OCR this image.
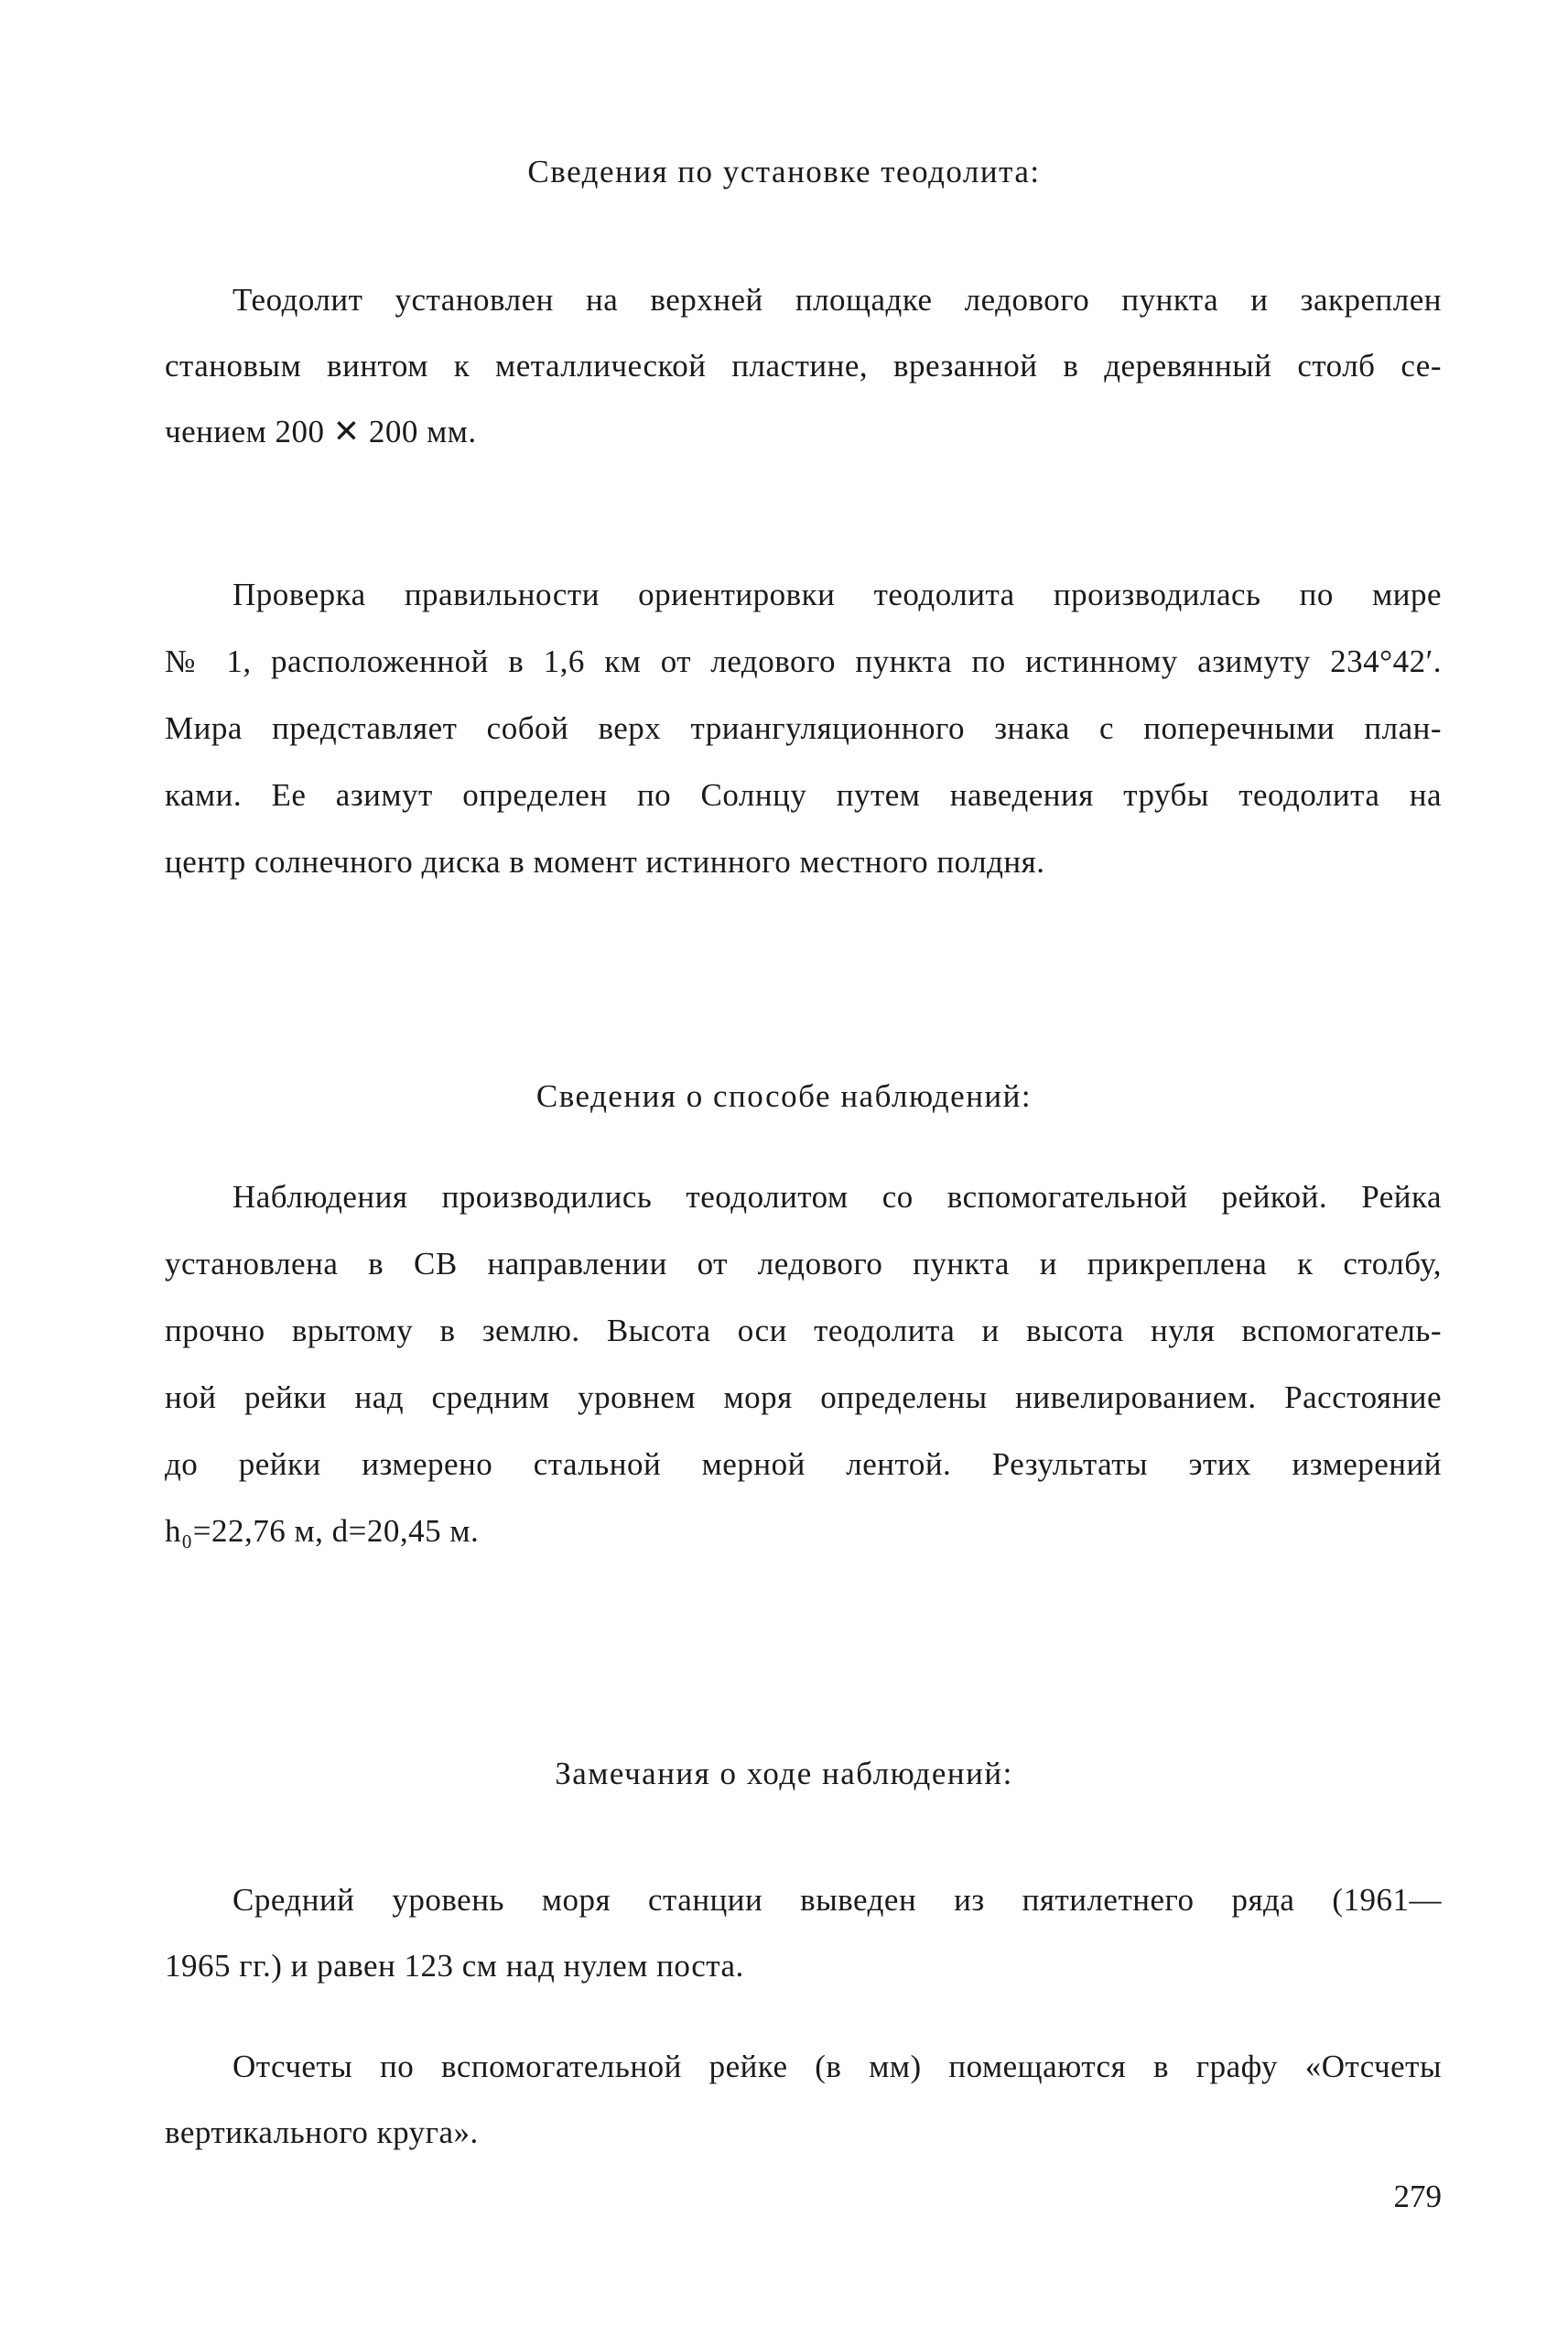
Сведения по установке теодолита:
Теодолит установлен на верхней площадке ледового пункта и закреплен
становым винтом к металлической пластине, врезанной в деревянный столб се-
чением 200 ✕ 200 мм.
Проверка правильности ориентировки теодолита производилась по мире
№ 1, расположенной в 1,6 км от ледового пункта по истинному азимуту 234°42′.
Мира представляет собой верх триангуляционного знака с поперечными план-
ками. Ее азимут определен по Солнцу путем наведения трубы теодолита на
центр солнечного диска в момент истинного местного полдня.
Сведения о способе наблюдений:
Наблюдения производились теодолитом со вспомогательной рейкой. Рейка
установлена в СВ направлении от ледового пункта и прикреплена к столбу,
прочно врытому в землю. Высота оси теодолита и высота нуля вспомогатель-
ной рейки над средним уровнем моря определены нивелированием. Расстояние
до рейки измерено стальной мерной лентой. Результаты этих измерений
h₀=22,76 м, d=20,45 м.
Замечания о ходе наблюдений:
Средний уровень моря станции выведен из пятилетнего ряда (1961—
1965 гг.) и равен 123 см над нулем поста.
Отсчеты по вспомогательной рейке (в мм) помещаются в графу «Отсчеты
вертикального круга».
279
